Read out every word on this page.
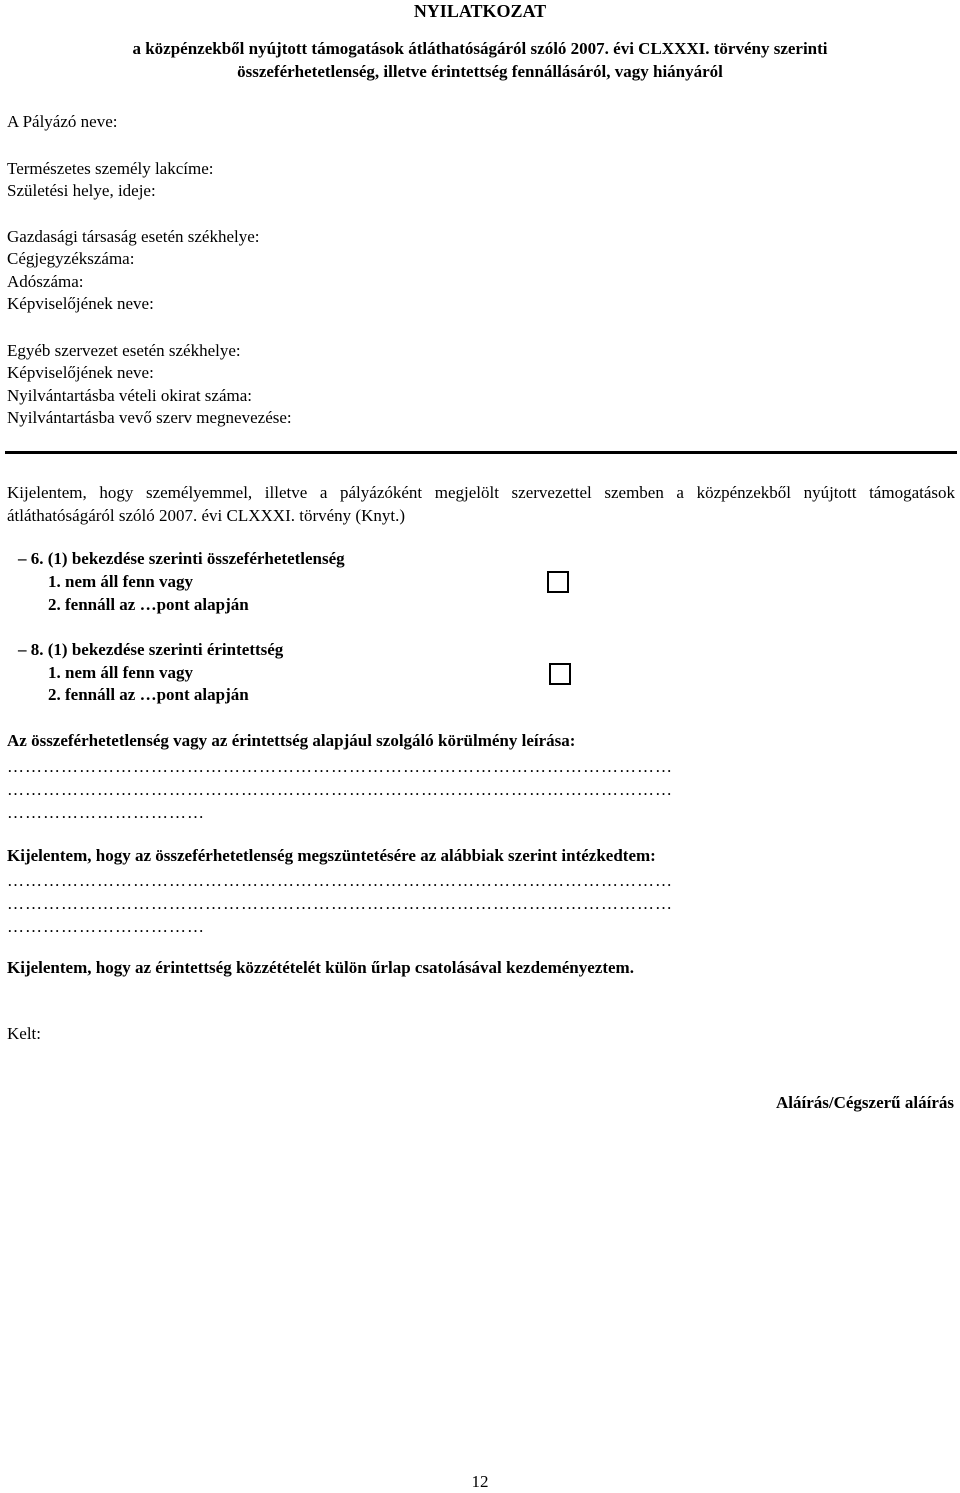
NYILATKOZAT
a közpénzekből nyújtott támogatások átláthatóságáról szóló 2007. évi CLXXXI. törvény szerinti
összeférhetetlenség, illetve érintettség fennállásáról, vagy hiányáról
A Pályázó neve:
Természetes személy lakcíme:
Születési helye, ideje:
Gazdasági társaság esetén székhelye:
Cégjegyzékszáma:
Adószáma:
Képviselőjének neve:
Egyéb szervezet esetén székhelye:
Képviselőjének neve:
Nyilvántartásba vételi okirat száma:
Nyilvántartásba vevő szerv megnevezése:
Kijelentem, hogy személyemmel, illetve a pályázóként megjelölt szervezettel szemben a közpénzekből nyújtott támogatások átláthatóságáról szóló 2007. évi CLXXXI. törvény (Knyt.)
– 6. (1) bekezdése szerinti összeférhetetlenség
1. nem áll fenn vagy
2. fennáll az …pont alapján
– 8. (1) bekezdése szerinti érintettség
1. nem áll fenn vagy
2. fennáll az …pont alapján
Az összeférhetetlenség vagy az érintettség alapjául szolgáló körülmény leírása:
…………………………………………………………………………………………………
…………………………………………………………………………………………………
……………………………
Kijelentem, hogy az összeférhetetlenség megszüntetésére az alábbiak szerint intézkedtem:
…………………………………………………………………………………………………
…………………………………………………………………………………………………
……………………………
Kijelentem, hogy az érintettség közzétételét külön űrlap csatolásával kezdeményeztem.
Kelt:
Aláírás/Cégszerű aláírás
12
